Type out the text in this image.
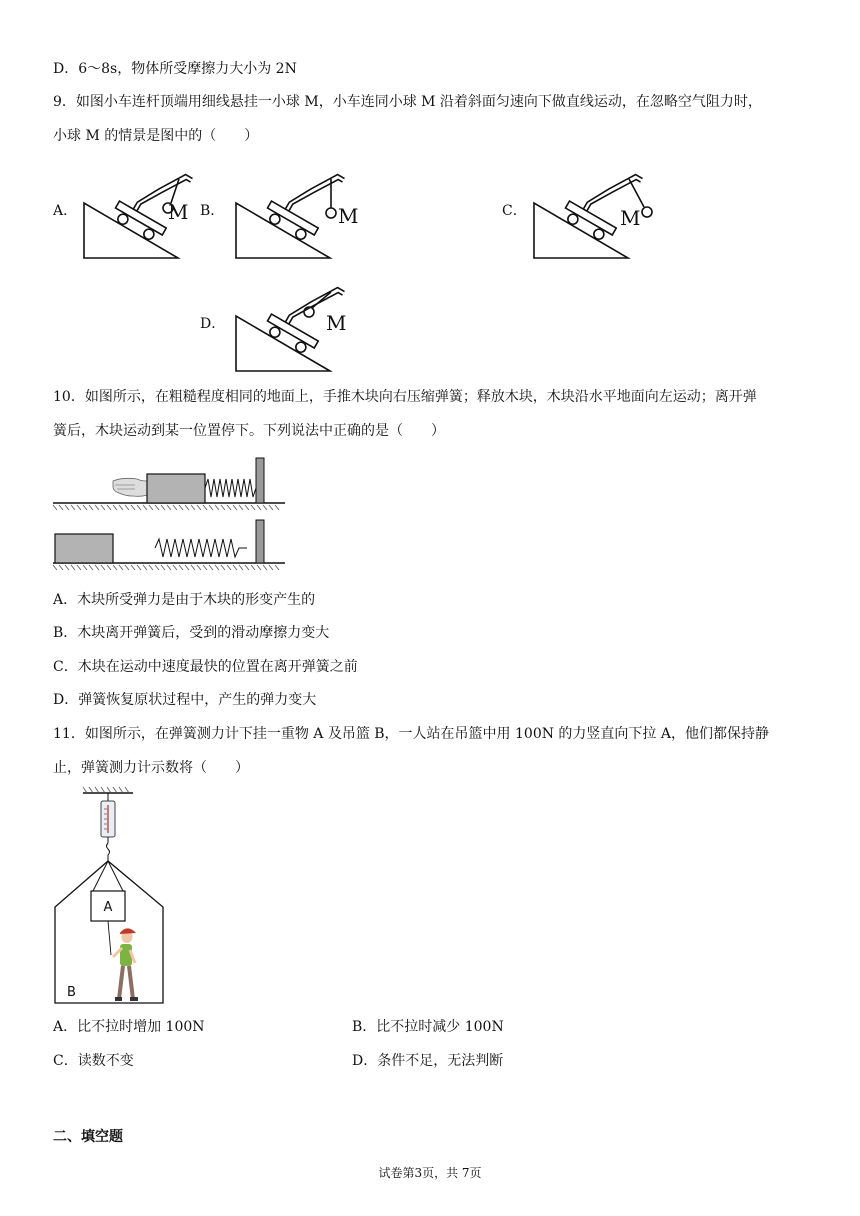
D．6～8s，物体所受摩擦力大小为 2N
9．如图小车连杆顶端用细线悬挂一小球 M，小车连同小球 M 沿着斜面匀速向下做直线运动，在忽略空气阻力时，
小球 M 的情景是图中的（　　）
A．	M B．	M	C．	M
D．	M
10．如图所示，在粗糙程度相同的地面上，手推木块向右压缩弹簧；释放木块，木块沿水平地面向左运动；离开弹
簧后，木块运动到某一位置停下。下列说法中正确的是（　　）
A．木块所受弹力是由于木块的形变产生的
B．木块离开弹簧后，受到的滑动摩擦力变大
C．木块在运动中速度最快的位置在离开弹簧之前
D．弹簧恢复原状过程中，产生的弹力变大
11．如图所示，在弹簧测力计下挂一重物 A 及吊篮 B，一人站在吊篮中用 100N 的力竖直向下拉 A，他们都保持静
止，弹簧测力计示数将（　　）
A
B
A．比不拉时增加 100N	B．比不拉时减少 100N
C．读数不变	D．条件不足，无法判断
二、填空题
试卷第3页，共 7页
